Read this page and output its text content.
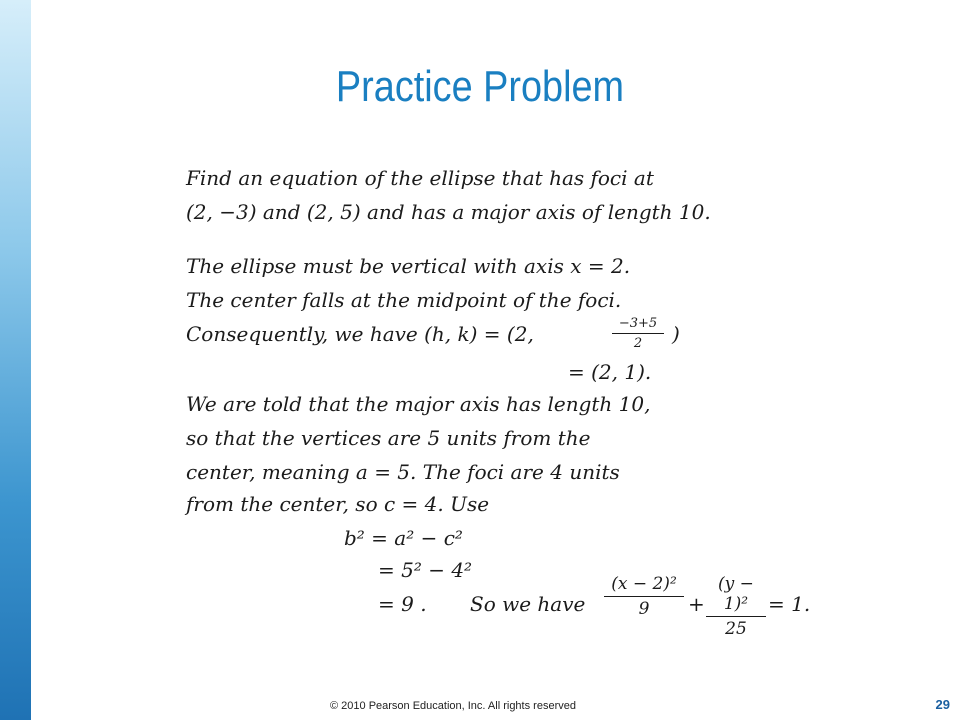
Practice Problem
Find an equation of the ellipse that has foci at
(2, −3) and (2, 5) and has a major axis of length 10.
The ellipse must be vertical with axis x = 2.
The center falls at the midpoint of the foci.
Consequently, we have (h, k) = (2,	−3+5
2	)
= (2, 1).
We are told that the major axis has length 10,
so that the vertices are 5 units from the
center, meaning a = 5. The foci are 4 units
from the center, so c = 4. Use
b² = a² − c²
= 5² − 4²
= 9 . So we have
(x − 2)²
9	+
(y − 1)²
25
= 1.
© 2010 Pearson Education, Inc. All rights reserved	29
